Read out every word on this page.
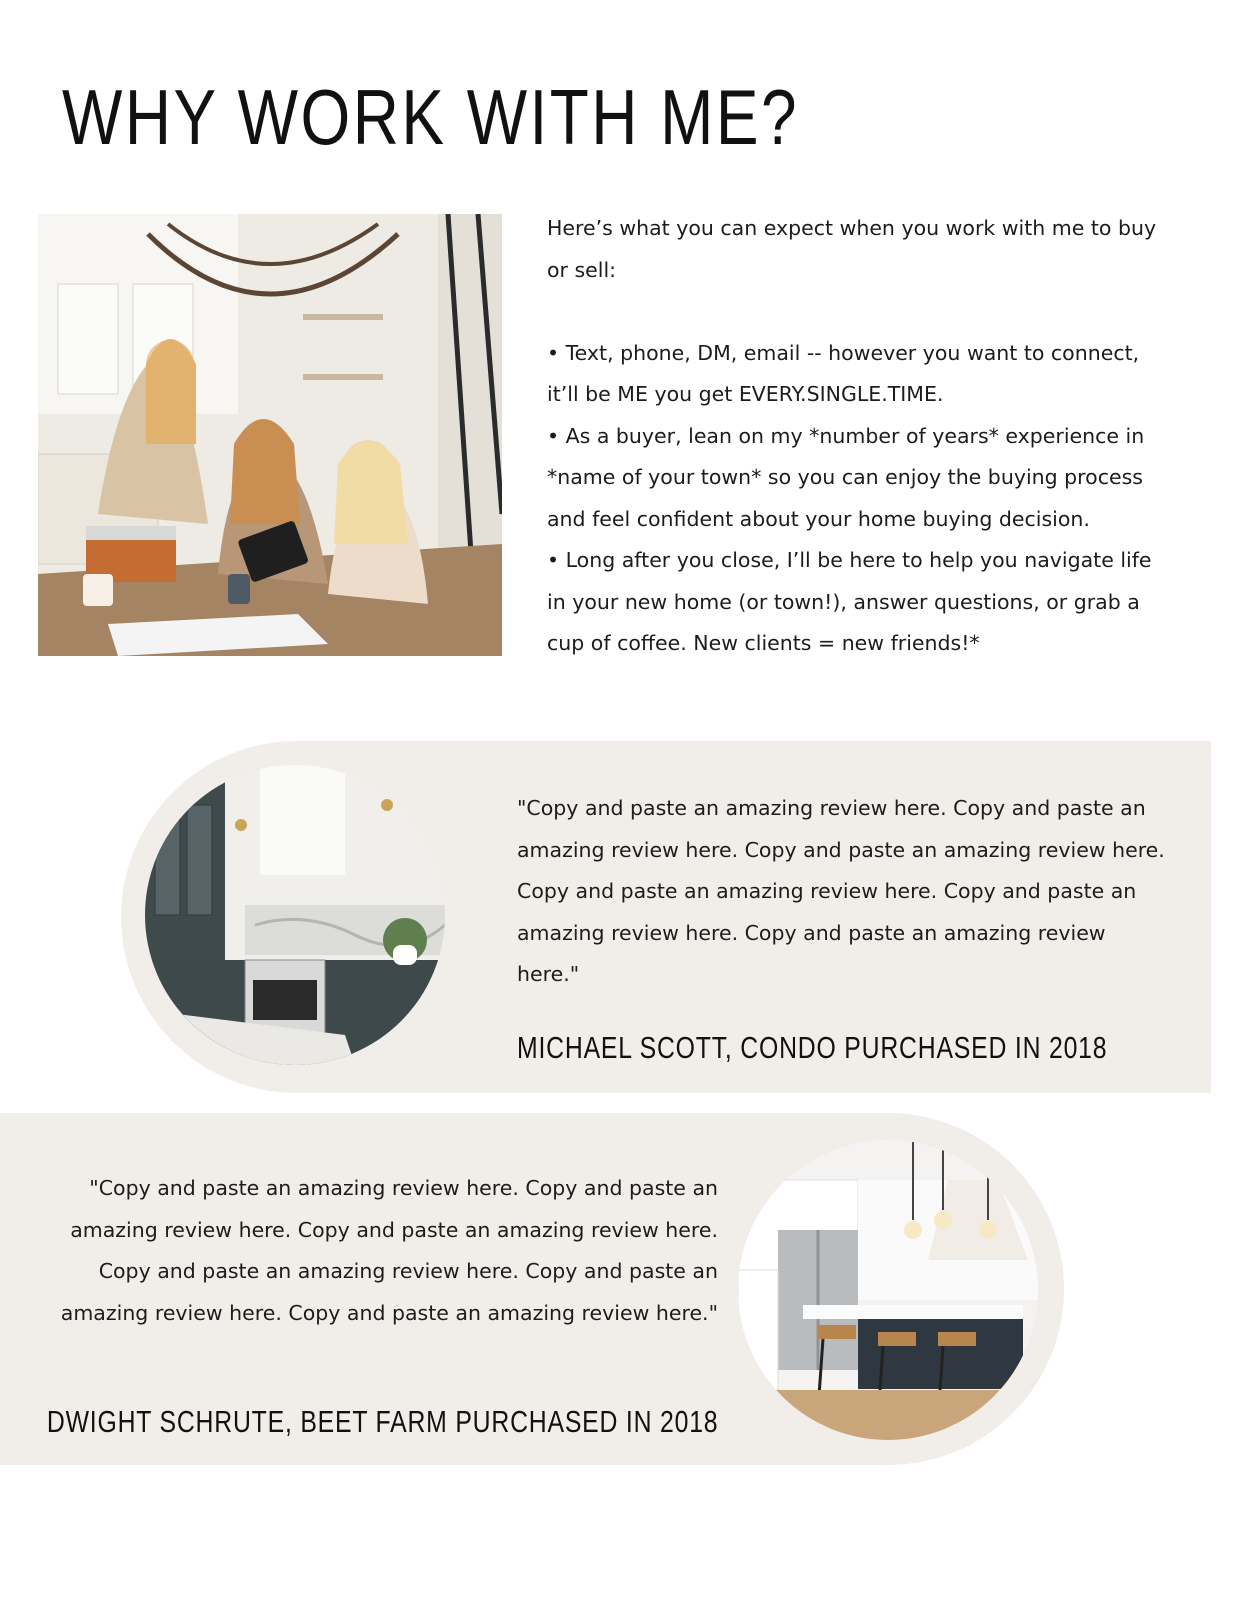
WHY WORK WITH ME?

Here’s what you can expect when you work with me to buy or sell:

• Text, phone, DM, email -- however you want to connect, it’ll be ME you get EVERY.SINGLE.TIME.

• As a buyer, lean on my *number of years* experience in *name of your town* so you can enjoy the buying process and feel confident about your home buying decision.

• Long after you close, I’ll be here to help you navigate life in your new home (or town!), answer questions, or grab a cup of coffee. New clients = new friends!*

"Copy and paste an amazing review here. Copy and paste an amazing review here. Copy and paste an amazing review here. Copy and paste an amazing review here. Copy and paste an amazing review here. Copy and paste an amazing review here."
MICHAEL SCOTT, CONDO PURCHASED IN 2018
"Copy and paste an amazing review here. Copy and paste an amazing review here. Copy and paste an amazing review here. Copy and paste an amazing review here. Copy and paste an amazing review here. Copy and paste an amazing review here."
DWIGHT SCHRUTE, BEET FARM PURCHASED IN 2018
